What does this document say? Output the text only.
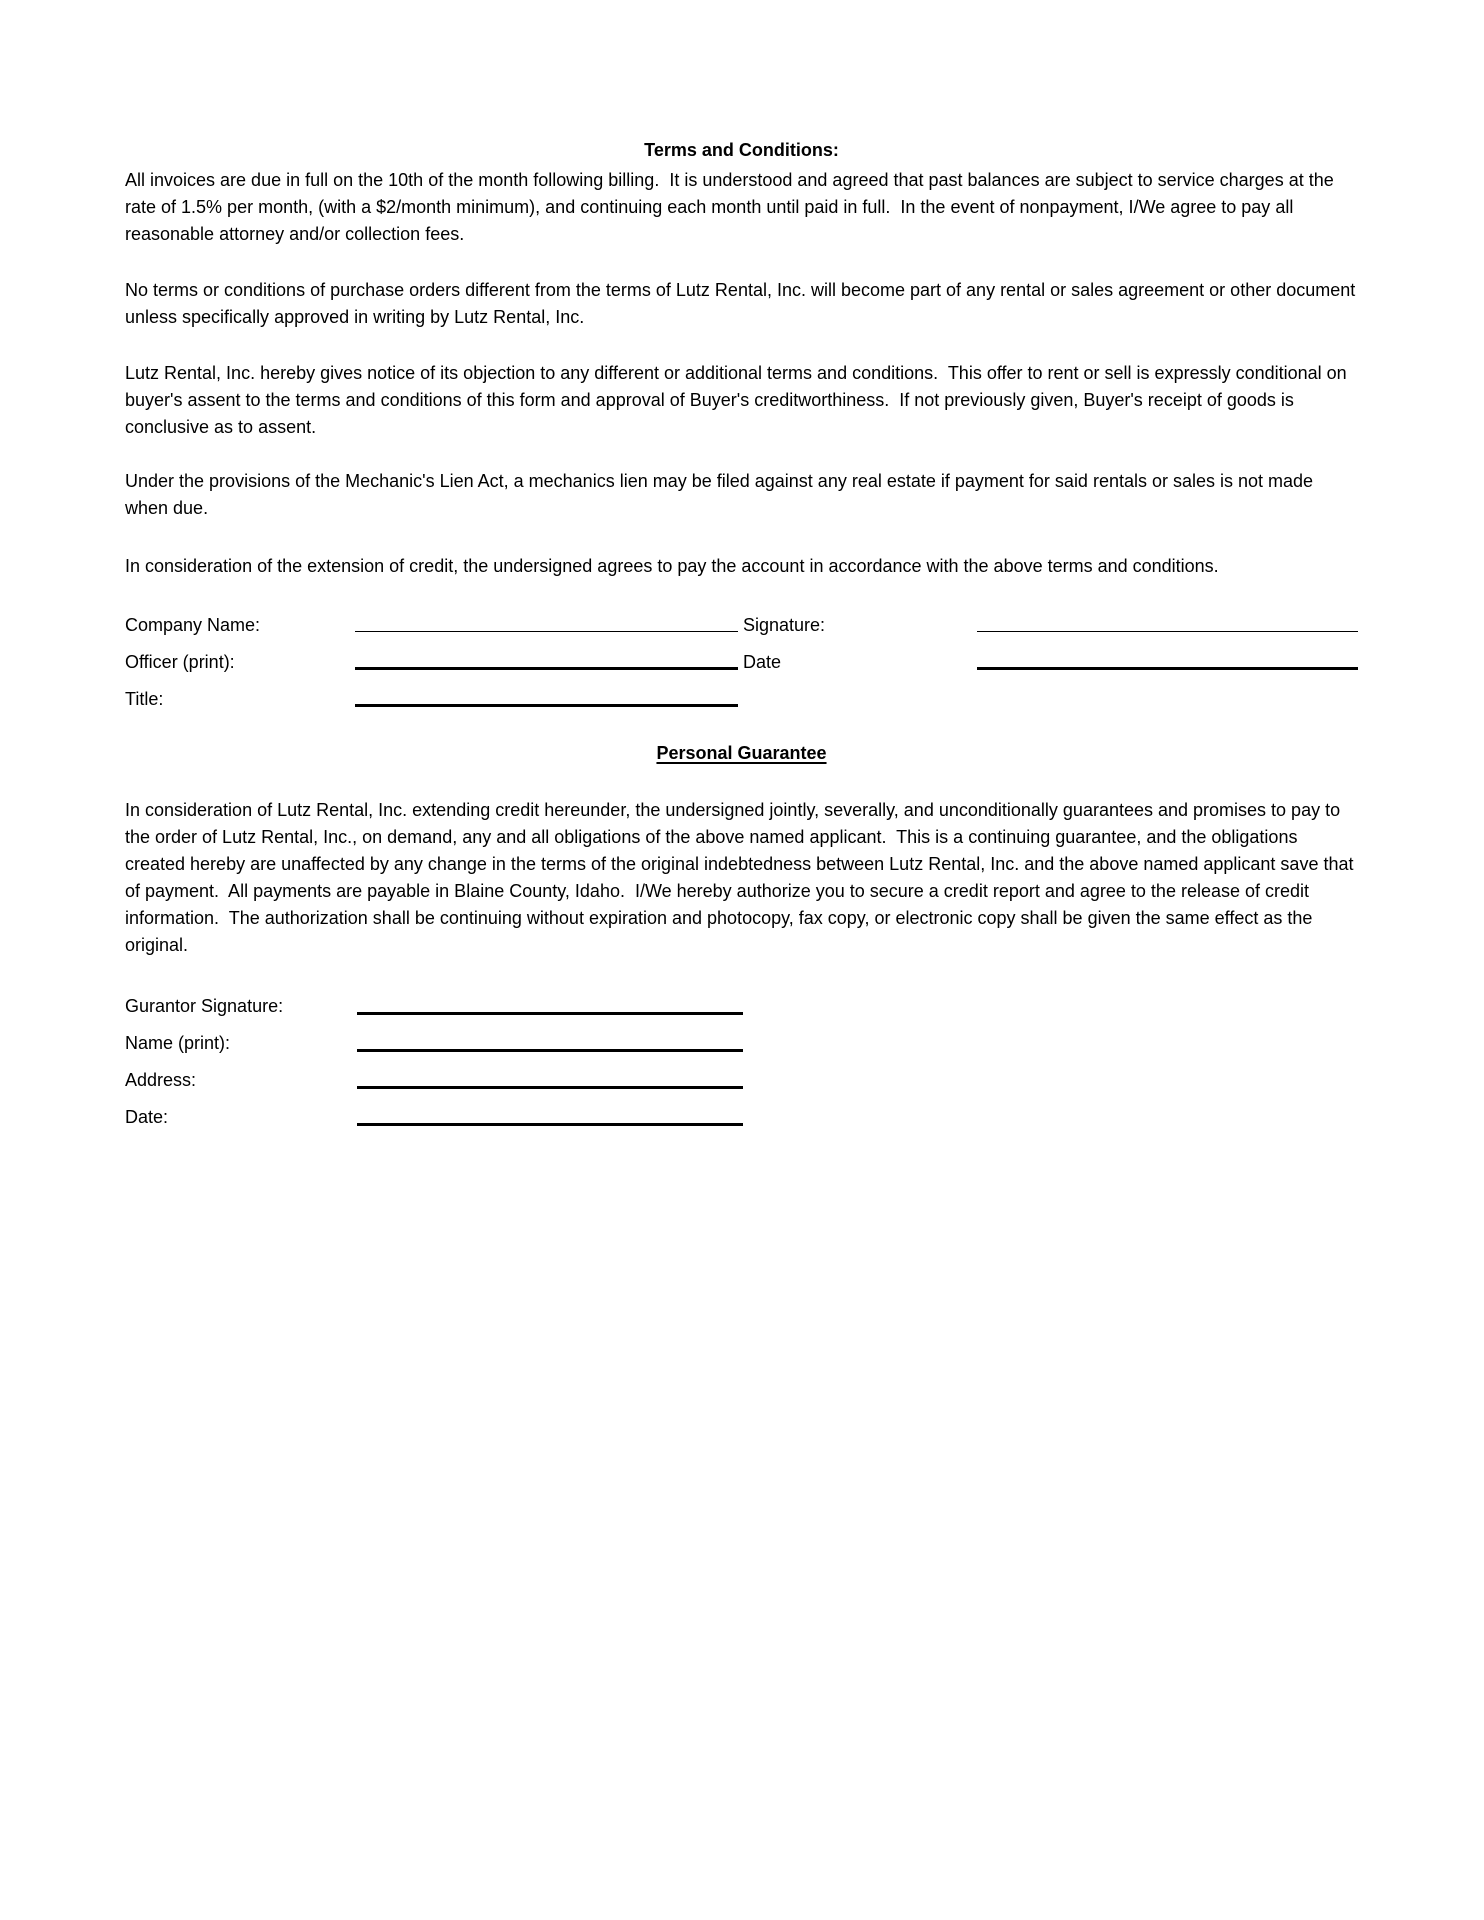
Terms and Conditions:

All invoices are due in full on the 10th of the month following billing.  It is understood and agreed that past balances are subject to service charges at the rate of 1.5% per month, (with a $2/month minimum), and continuing each month until paid in full.  In the event of nonpayment, I/We agree to pay all reasonable attorney and/or collection fees.

No terms or conditions of purchase orders different from the terms of Lutz Rental, Inc. will become part of any rental or sales agreement or other document unless specifically approved in writing by Lutz Rental, Inc.

Lutz Rental, Inc. hereby gives notice of its objection to any different or additional terms and conditions.  This offer to rent or sell is expressly conditional on buyer's assent to the terms and conditions of this form and approval of Buyer's creditworthiness.  If not previously given, Buyer's receipt of goods is conclusive as to assent.

Under the provisions of the Mechanic's Lien Act, a mechanics lien may be filed against any real estate if payment for said rentals or sales is not made when due.

In consideration of the extension of credit, the undersigned agrees to pay the account in accordance with the above terms and conditions.

Company Name:	Signature:
Officer (print):	Date
Title:
Personal Guarantee

In consideration of Lutz Rental, Inc. extending credit hereunder, the undersigned jointly, severally, and unconditionally guarantees and promises to pay to the order of Lutz Rental, Inc., on demand, any and all obligations of the above named applicant.  This is a continuing guarantee, and the obligations created hereby are unaffected by any change in the terms of the original indebtedness between Lutz Rental, Inc. and the above named applicant save that of payment.  All payments are payable in Blaine County, Idaho.  I/We hereby authorize you to secure a credit report and agree to the release of credit information.  The authorization shall be continuing without expiration and photocopy, fax copy, or electronic copy shall be given the same effect as the original.

Gurantor Signature:
Name (print):
Address:
Date:
